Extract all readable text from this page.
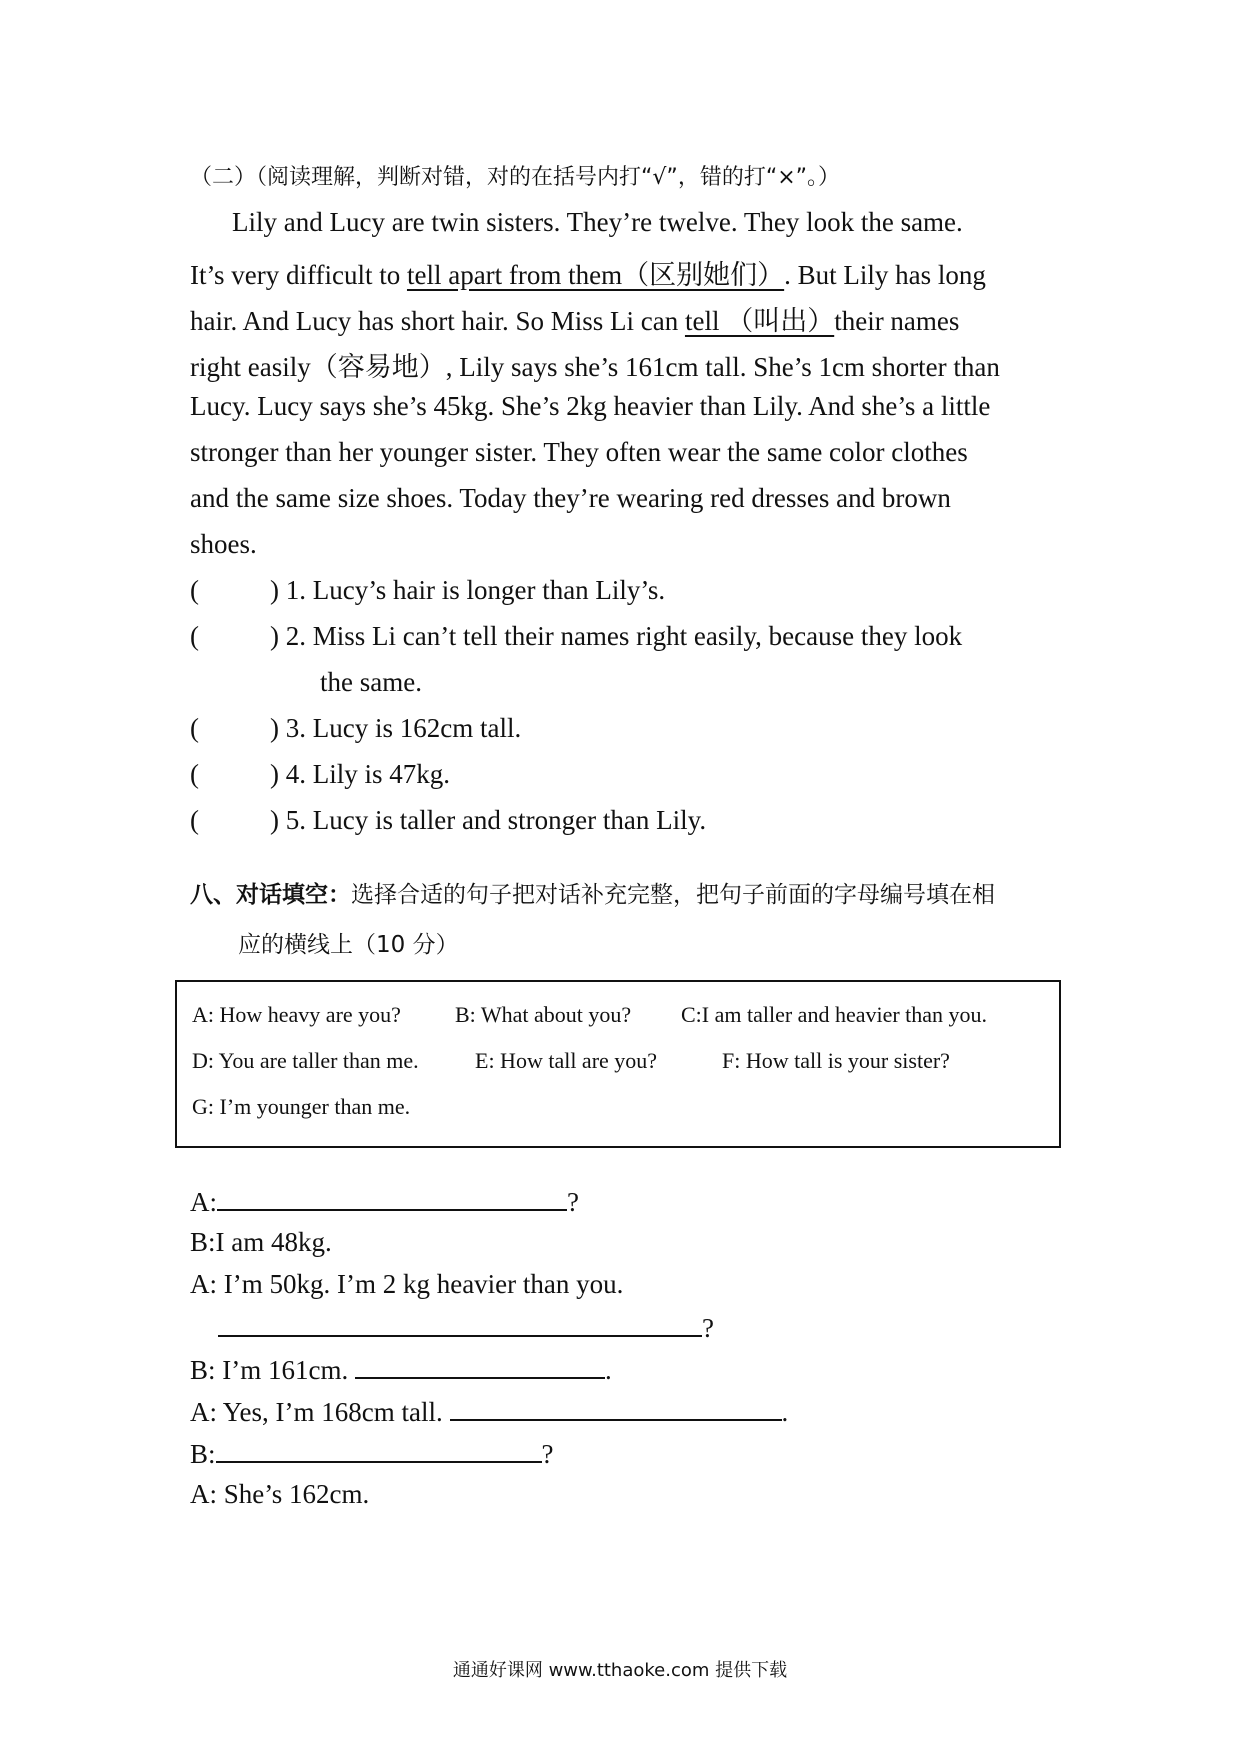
（二）（阅读理解，判断对错，对的在括号内打“√”，错的打“×”。）
Lily and Lucy are twin sisters. They’re twelve. They look the same.
It’s very difficult to tell apart from them（区别她们）. But Lily has long
hair. And Lucy has short hair. So Miss Li can tell （叫出）their names
right easily（容易地）, Lily says she’s 161cm tall. She’s 1cm shorter than
Lucy. Lucy says she’s 45kg. She’s 2kg heavier than Lily. And she’s a little
stronger than her younger sister. They often wear the same color clothes
and the same size shoes. Today they’re wearing red dresses and brown
shoes.
(	) 1. Lucy’s hair is longer than Lily’s.
(	) 2. Miss Li can’t tell their names right easily, because they look
the same.
(	) 3. Lucy is 162cm tall.
(	) 4. Lily is 47kg.
(	) 5. Lucy is taller and stronger than Lily.
八、对话填空：选择合适的句子把对话补充完整，把句子前面的字母编号填在相
应的横线上（10 分）
A: How heavy are you? B: What about you? C:I am taller and heavier than you.
D: You are taller than me.	E: How tall are you?	F: How tall is your sister?
G: I’m younger than me.
A:	?
B:I am 48kg.
A: I’m 50kg. I’m 2 kg heavier than you.
?
B: I’m 161cm.	.
A: Yes, I’m 168cm tall.	.
B:	?
A: She’s 162cm.
通通好课网 www.tthaoke.com 提供下载
